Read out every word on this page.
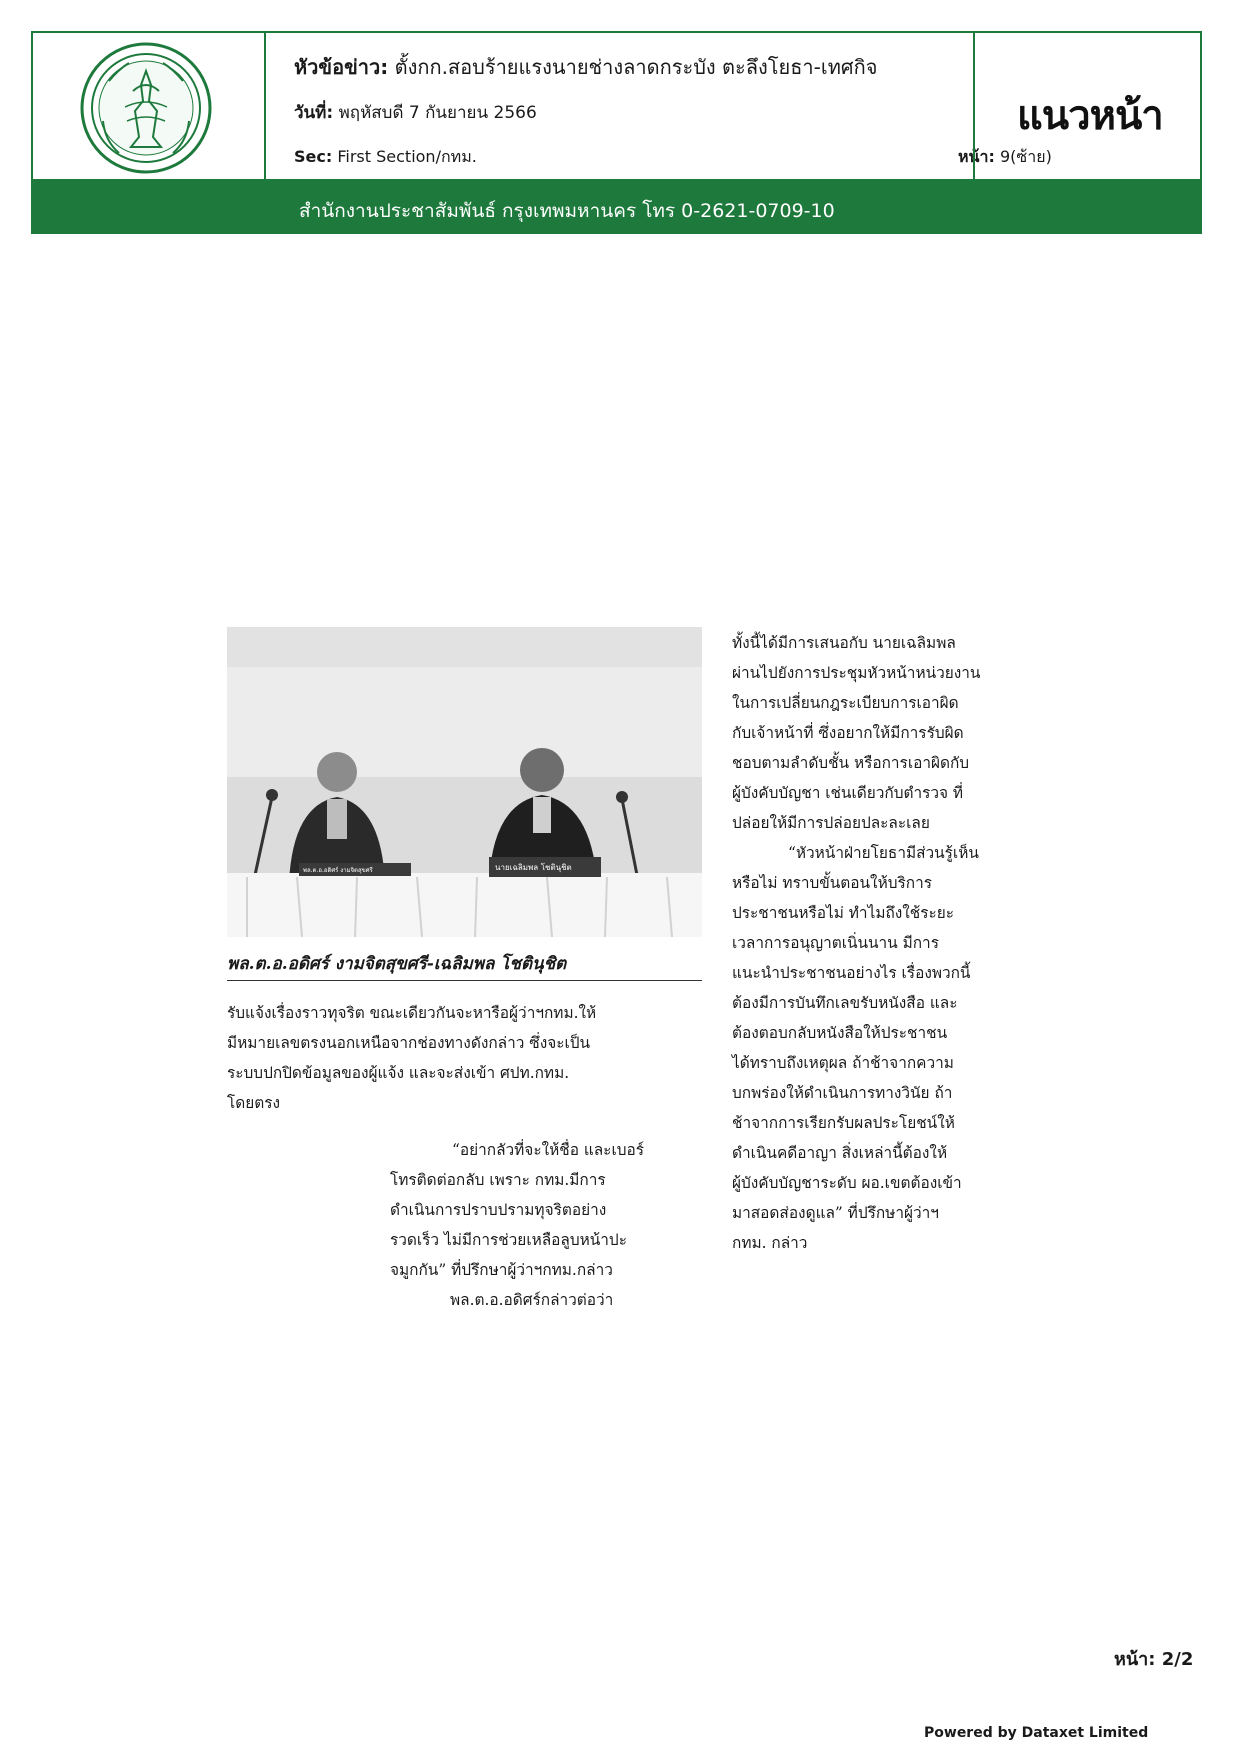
หัวข้อข่าว: ตั้งกก.สอบร้ายแรงนายช่างลาดกระบัง ตะลึงโยธา-เทศกิจ
วันที่: พฤหัสบดี 7 กันยายน 2566
Sec: First Section/กทม.	หน้า: 9(ซ้าย)
แนวหน้า
สำนักงานประชาสัมพันธ์ กรุงเทพมหานคร โทร 0-2621-0709-10
พล.ต.อ.อดิศร์ งามจิตสุขศรี	นายเฉลิมพล โชตินุชิต
พล.ต.อ.อดิศร์ งามจิตสุขศรี-เฉลิมพล โชตินุชิต
รับแจ้งเรื่องราวทุจริต ขณะเดียวกันจะหารือผู้ว่าฯกทม.ให้
มีหมายเลขตรงนอกเหนือจากช่องทางดังกล่าว ซึ่งจะเป็น
ระบบปกปิดข้อมูลของผู้แจ้ง และจะส่งเข้า ศปท.กทม.
โดยตรง
“อย่ากลัวที่จะให้ชื่อ และเบอร์
โทรติดต่อกลับ เพราะ กทม.มีการ
ดำเนินการปราบปรามทุจริตอย่าง
รวดเร็ว ไม่มีการช่วยเหลือลูบหน้าปะ
จมูกกัน” ที่ปรึกษาผู้ว่าฯกทม.กล่าว
พล.ต.อ.อดิศร์กล่าวต่อว่า
ทั้งนี้ได้มีการเสนอกับ นายเฉลิมพล
ผ่านไปยังการประชุมหัวหน้าหน่วยงาน
ในการเปลี่ยนกฎระเบียบการเอาผิด
กับเจ้าหน้าที่ ซึ่งอยากให้มีการรับผิด
ชอบตามลำดับชั้น หรือการเอาผิดกับ
ผู้บังคับบัญชา เช่นเดียวกับตำรวจ ที่
ปล่อยให้มีการปล่อยปละละเลย
“หัวหน้าฝ่ายโยธามีส่วนรู้เห็น
หรือไม่ ทราบขั้นตอนให้บริการ
ประชาชนหรือไม่ ทำไมถึงใช้ระยะ
เวลาการอนุญาตเนิ่นนาน มีการ
แนะนำประชาชนอย่างไร เรื่องพวกนี้
ต้องมีการบันทึกเลขรับหนังสือ และ
ต้องตอบกลับหนังสือให้ประชาชน
ได้ทราบถึงเหตุผล ถ้าช้าจากความ
บกพร่องให้ดำเนินการทางวินัย ถ้า
ช้าจากการเรียกรับผลประโยชน์ให้
ดำเนินคดีอาญา สิ่งเหล่านี้ต้องให้
ผู้บังคับบัญชาระดับ ผอ.เขตต้องเข้า
มาสอดส่องดูแล” ที่ปรึกษาผู้ว่าฯ
กทม. กล่าว
หน้า: 2/2
Powered by Dataxet Limited
